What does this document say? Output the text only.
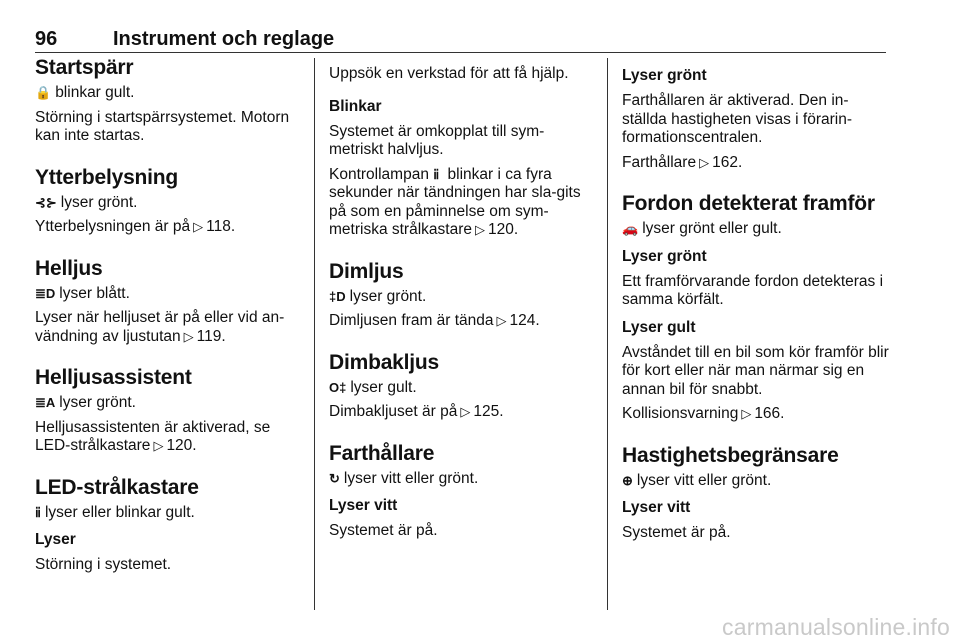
96	Instrument och reglage
Startspärr

🔒 blinkar gult.

Störning i startspärrsystemet. Motorn kan inte startas.

Ytterbelysning

⊰⊱ lyser grönt.

Ytterbelysningen är på ▷ 118.

Helljus

≣D lyser blått.

Lyser när helljuset är på eller vid an-vändning av ljustutan ▷ 119.

Helljusassistent

≣A lyser grönt.

Helljusassistenten är aktiverad, se LED-strålkastare ▷ 120.

LED-strålkastare

ⅱ lyser eller blinkar gult.

Lyser

Störning i systemet.

Uppsök en verkstad för att få hjälp.

Blinkar

Systemet är omkopplat till sym-metriskt halvljus.

Kontrollampan ⅱ blinkar i ca fyra sekunder när tändningen har sla-gits på som en påminnelse om sym-metriska strålkastare ▷ 120.

Dimljus

‡D lyser grönt.

Dimljusen fram är tända ▷ 124.

Dimbakljus

O‡ lyser gult.

Dimbakljuset är på ▷ 125.

Farthållare

↻ lyser vitt eller grönt.

Lyser vitt

Systemet är på.

Lyser grönt

Farthållaren är aktiverad. Den in-ställda hastigheten visas i förarin-formationscentralen.

Farthållare ▷ 162.

Fordon detekterat framför

🚗 lyser grönt eller gult.

Lyser grönt

Ett framförvarande fordon detekteras i samma körfält.

Lyser gult

Avståndet till en bil som kör framför blir för kort eller när man närmar sig en annan bil för snabbt.

Kollisionsvarning ▷ 166.

Hastighetsbegränsare

⊕ lyser vitt eller grönt.

Lyser vitt

Systemet är på.

carmanualsonline.info
